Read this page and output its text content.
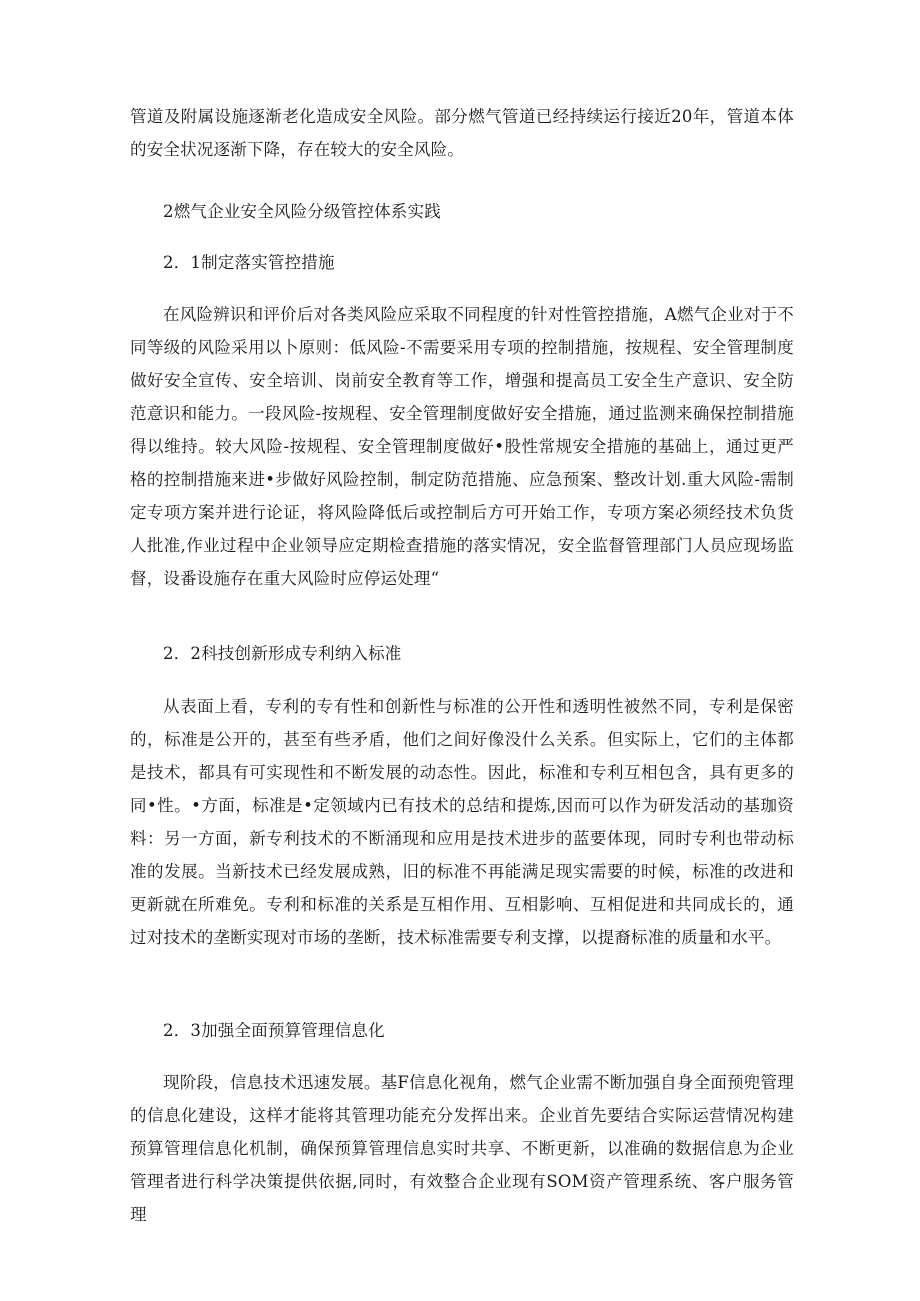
管道及附属设施逐渐老化造成安全风险。部分燃气管道已经持续运行接近20年，管道本体的安全状况逐渐下降，存在较大的安全风险。

2燃气企业安全风险分级管控体系实践

2．1制定落实管控措施

在风险辨识和评价后对各类风险应采取不同程度的针对性管控措施，A燃气企业对于不同等级的风险采用以卜原则：低风险-不需要采用专项的控制措施，按规程、安全管理制度做好安全宣传、安全培训、岗前安全教育等工作，增强和提高员工安全生产意识、安全防范意识和能力。一段风险-按规程、安全管理制度做好安全措施，通过监测来确保控制措施得以维持。较大风险-按规程、安全管理制度做好•股性常规安全措施的基础上，通过更严格的控制措施来进•步做好风险控制，制定防范措施、应急预案、整改计划.重大风险-需制定专项方案并进行论证，将风险降低后或控制后方可开始工作，专项方案必须经技术负货人批准,作业过程中企业领导应定期检查措施的落实情况，安全监督管理部门人员应现场监督，设番设施存在重大风险时应停运处理“

2．2科技创新形成专利纳入标准

从表面上看，专利的专有性和创新性与标准的公开性和透明性被然不同，专利是保密的，标准是公开的，甚至有些矛盾，他们之间好像没什么关系。但实际上，它们的主体都是技术，都具有可实现性和不断发展的动态性。因此，标准和专利互相包含，具有更多的同•性。•方面，标准是•定领域内已有技术的总结和提炼,因而可以作为研发活动的基珈资料：另一方面，新专利技术的不断涌现和应用是技术进步的蓝要体现，同时专利也带动标准的发展。当新技术已经发展成熟，旧的标准不再能满足现实需要的时候，标准的改进和更新就在所难免。专利和标准的关系是互相作用、互相影响、互相促进和共同成长的，通过对技术的垄断实现对市场的垄断，技术标准需要专利支撑，以提裔标准的质量和水平。

2．3加强全面预算管理信息化

现阶段，信息技术迅速发展。基F信息化视角，燃气企业需不断加强自身全面预兜管理的信息化建设，这样才能将其管理功能充分发挥出来。企业首先要结合实际运营情况构建预算管理信息化机制，确保预算管理信息实时共享、不断更新，以准确的数据信息为企业管理者进行科学决策提供依据,同时，有效整合企业现有SOM资产管理系统、客户服务管理
